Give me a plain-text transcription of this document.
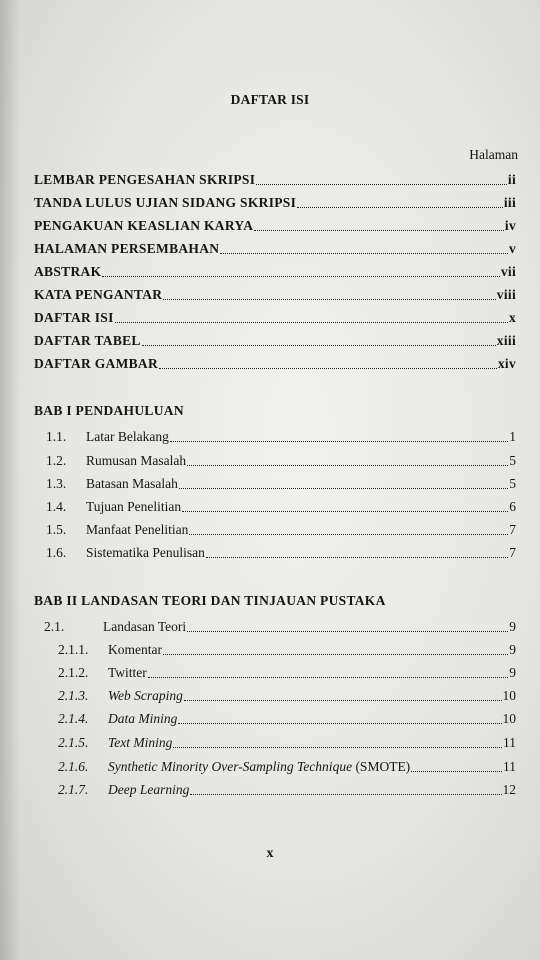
DAFTAR ISI
Halaman
LEMBAR PENGESAHAN SKRIPSI	ii
TANDA LULUS UJIAN SIDANG SKRIPSI	iii
PENGAKUAN KEASLIAN KARYA	iv
HALAMAN PERSEMBAHAN	v
ABSTRAK	vii
KATA PENGANTAR	viii
DAFTAR ISI	x
DAFTAR TABEL	xiii
DAFTAR GAMBAR	xiv
BAB I PENDAHULUAN
1.1.	Latar Belakang	1
1.2.	Rumusan Masalah	5
1.3.	Batasan Masalah	5
1.4.	Tujuan Penelitian	6
1.5.	Manfaat Penelitian	7
1.6.	Sistematika Penulisan	7
BAB II LANDASAN TEORI DAN TINJAUAN PUSTAKA
2.1.	Landasan Teori	9
2.1.1.	Komentar	9
2.1.2.	Twitter	9
2.1.3.	Web Scraping	10
2.1.4.	Data Mining	10
2.1.5.	Text Mining	11
2.1.6.	Synthetic Minority Over-Sampling Technique (SMOTE)	11
2.1.7.	Deep Learning	12
x
